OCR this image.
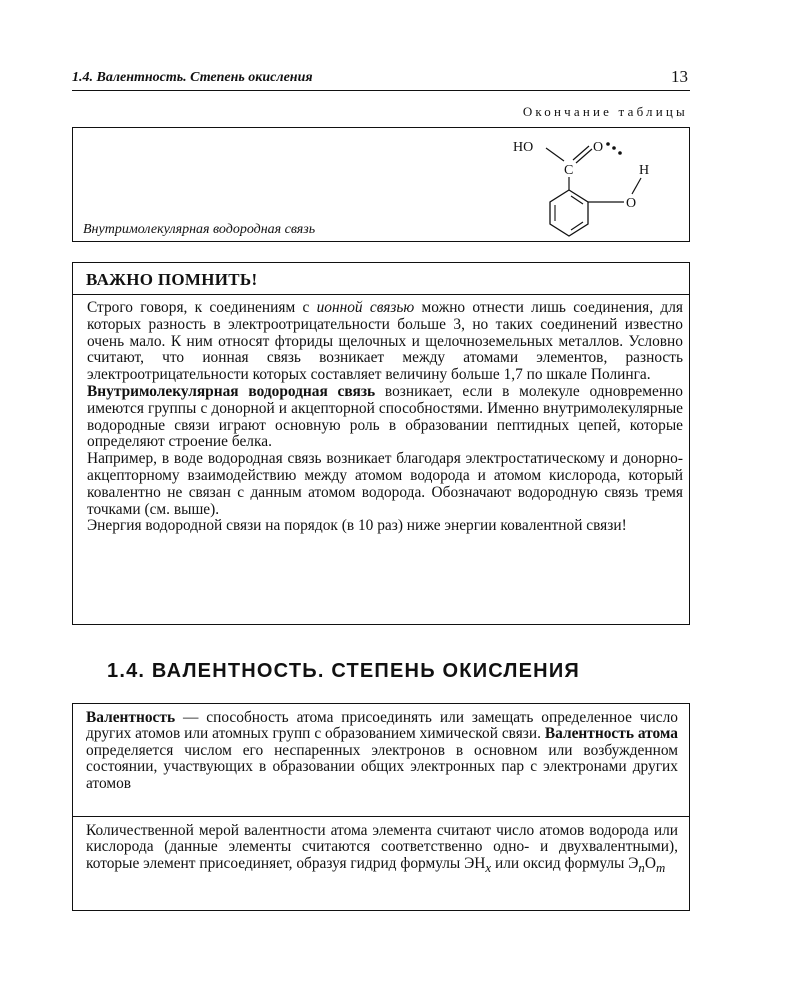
1.4. Валентность. Степень окисления	13
Окончание таблицы
HO	O
C	H
O
Внутримолекулярная водородная связь
ВАЖНО ПОМНИТЬ!

Строго говоря, к соединениям с ионной связью можно отнести лишь соединения, для которых разность в электроотрицательности больше 3, но таких соединений известно очень мало. К ним относят фториды щелочных и щелочноземельных металлов. Условно считают, что ионная связь возникает между атомами элементов, разность электроотрицательности которых составляет величину больше 1,7 по шкале Полинга.

Внутримолекулярная водородная связь возникает, если в молекуле одновременно имеются группы с донорной и акцепторной способностями. Именно внутримолекулярные водородные связи играют основную роль в образовании пептидных цепей, которые определяют строение белка.

Например, в воде водородная связь возникает благодаря электростатическому и донорно-акцепторному взаимодействию между атомом водорода и атомом кислорода, который ковалентно не связан с данным атомом водорода. Обозначают водородную связь тремя точками (см. выше).

Энергия водородной связи на порядок (в 10 раз) ниже энергии ковалентной связи!

1.4. ВАЛЕНТНОСТЬ. СТЕПЕНЬ ОКИСЛЕНИЯ
Валентность — способность атома присоединять или замещать определенное число других атомов или атомных групп с образованием химической связи. Валентность атома определяется числом его неспаренных электронов в основном или возбужденном состоянии, участвующих в образовании общих электронных пар с электронами других атомов
Количественной мерой валентности атома элемента считают число атомов водорода или кислорода (данные элементы считаются соответственно одно- и двухвалентными), которые элемент присоединяет, образуя гидрид формулы $ЭН_x$ или оксид формулы $Э_nO_m$
